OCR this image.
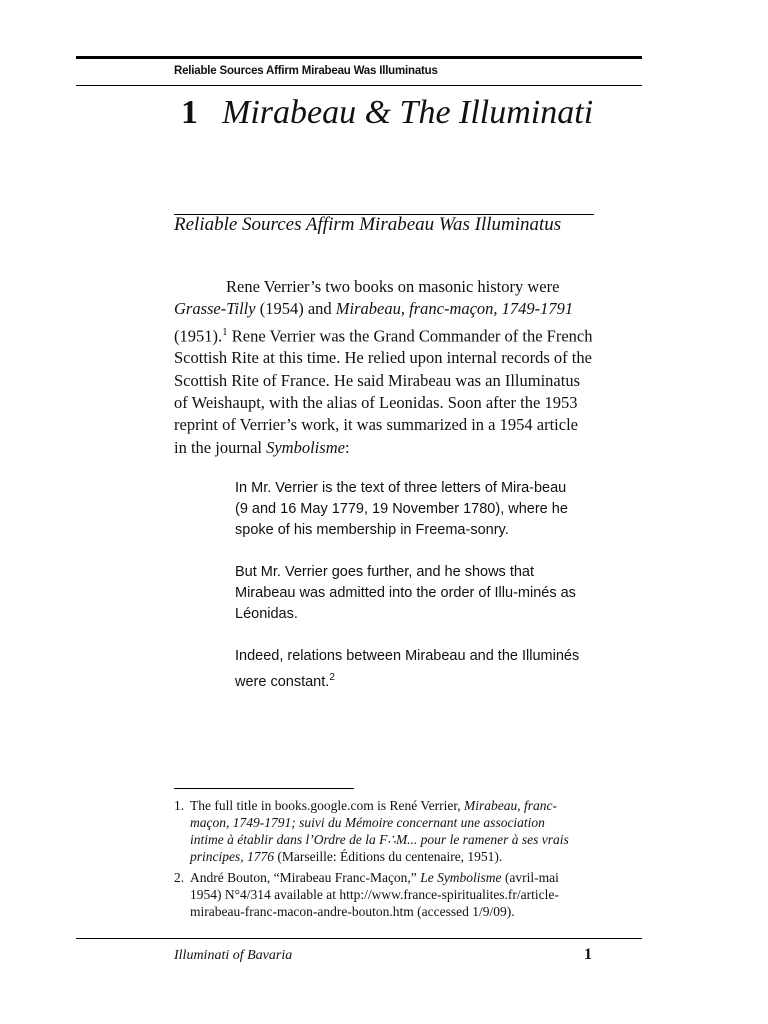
Reliable Sources Affirm Mirabeau Was Illuminatus
1 Mirabeau & The Illuminati
Reliable Sources Affirm Mirabeau Was Illuminatus

Rene Verrier’s two books on masonic history were Grasse-Tilly (1954) and Mirabeau, franc-maçon, 1749-1791 (1951).$^1$ Rene Verrier was the Grand Commander of the French Scottish Rite at this time. He relied upon internal records of the Scottish Rite of France. He said Mirabeau was an Illuminatus of Weishaupt, with the alias of Leonidas. Soon after the 1953 reprint of Verrier’s work, it was summarized in a 1954 article in the journal Symbolisme:

In Mr. Verrier is the text of three letters of Mira-beau (9 and 16 May 1779, 19 November 1780), where he spoke of his membership in Freema-sonry.

But Mr. Verrier goes further, and he shows that Mirabeau was admitted into the order of Illu-minés as Léonidas.

Indeed, relations between Mirabeau and the Illuminés were constant.$^2$

1. The full title in books.google.com is René Verrier, Mirabeau, franc-maçon, 1749-1791; suivi du Mémoire concernant une association intime à établir dans l’Ordre de la F∴M... pour le ramener à ses vrais principes, 1776 (Marseille: Éditions du centenaire, 1951).
2. André Bouton, “Mirabeau Franc-Maçon,” Le Symbolisme (avril-mai 1954) N°4/314 available at http://www.france-spiritualites.fr/article-mirabeau-franc-macon-andre-bouton.htm (accessed 1/9/09).
Illuminati of Bavaria	1
